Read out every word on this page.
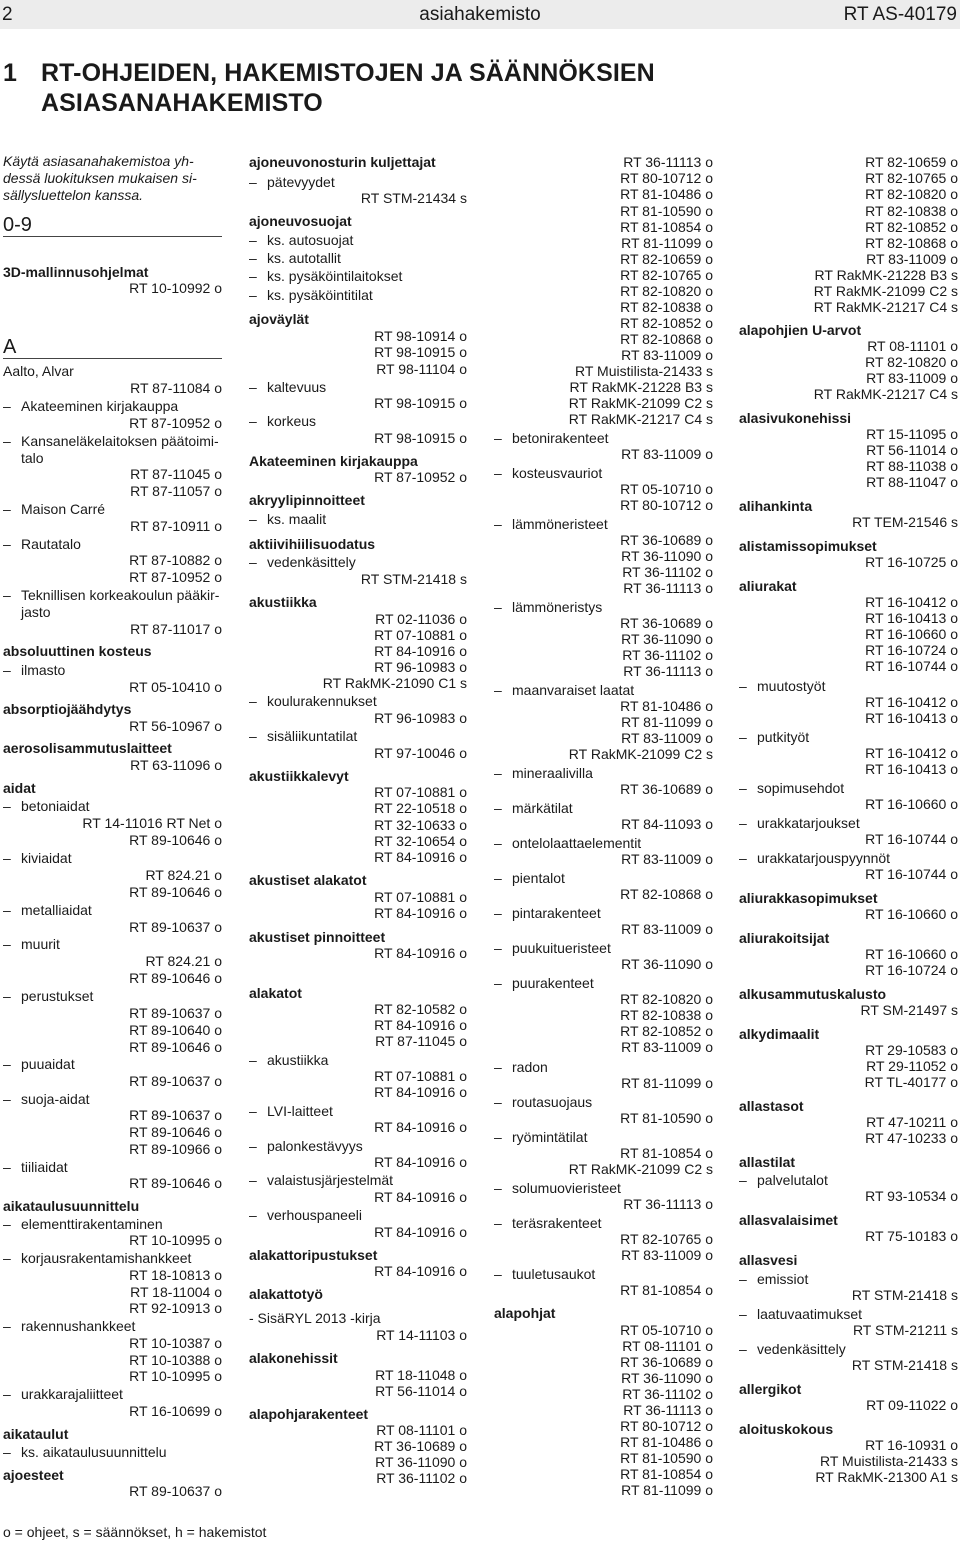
2	asiahakemisto	RT AS-40179
1 RT-OHJEIDEN, HAKEMISTOJEN JA SÄÄNNÖKSIEN
ASIASANAHAKEMISTO
Käytä asiasanahakemistoa yh-
dessä luokituksen mukaisen si-
sällysluettelon kanssa.
0-9
3D-mallinnusohjelmat
RT 10-10992 o
A
Aalto, Alvar
RT 87-11084 o
– Akateeminen kirjakauppa
RT 87-10952 o
– Kansaneläkelaitoksen päätoimi-
talo
RT 87-11045 o
RT 87-11057 o
– Maison Carré
RT 87-10911 o
– Rautatalo
RT 87-10882 o
RT 87-10952 o
– Teknillisen korkeakoulun pääkir-
jasto
RT 87-11017 o
absoluuttinen kosteus
– ilmasto
RT 05-10410 o
absorptiojäähdytys
RT 56-10967 o
aerosolisammutuslaitteet
RT 63-11096 o
aidat
– betoniaidat
RT 14-11016 RT Net o
RT 89-10646 o
– kiviaidat
RT 824.21 o
RT 89-10646 o
– metalliaidat
RT 89-10637 o
– muurit
RT 824.21 o
RT 89-10646 o
– perustukset
RT 89-10637 o
RT 89-10640 o
RT 89-10646 o
– puuaidat
RT 89-10637 o
– suoja-aidat
RT 89-10637 o
RT 89-10646 o
RT 89-10966 o
– tiiliaidat
RT 89-10646 o
aikataulusuunnittelu
– elementtirakentaminen
RT 10-10995 o
– korjausrakentamishankkeet
RT 18-10813 o
RT 18-11004 o
RT 92-10913 o
– rakennushankkeet
RT 10-10387 o
RT 10-10388 o
RT 10-10995 o
– urakkarajaliitteet
RT 16-10699 o
aikataulut
– ks. aikataulusuunnittelu
ajoesteet
RT 89-10637 o
ajoneuvonosturin kuljettajat
– pätevyydet
RT STM-21434 s
ajoneuvosuojat
– ks. autosuojat
– ks. autotallit
– ks. pysäköintilaitokset
– ks. pysäköintitilat
ajoväylät
RT 98-10914 o
RT 98-10915 o
RT 98-11104 o
– kaltevuus
RT 98-10915 o
– korkeus
RT 98-10915 o
Akateeminen kirjakauppa
RT 87-10952 o
akryylipinnoitteet
– ks. maalit
aktiivihiilisuodatus
– vedenkäsittely
RT STM-21418 s
akustiikka
RT 02-11036 o
RT 07-10881 o
RT 84-10916 o
RT 96-10983 o
RT RakMK-21090 C1 s
– koulurakennukset
RT 96-10983 o
– sisäliikuntatilat
RT 97-10046 o
akustiikkalevyt
RT 07-10881 o
RT 22-10518 o
RT 32-10633 o
RT 32-10654 o
RT 84-10916 o
akustiset alakatot
RT 07-10881 o
RT 84-10916 o
akustiset pinnoitteet
RT 84-10916 o
alakatot
RT 82-10582 o
RT 84-10916 o
RT 87-11045 o
– akustiikka
RT 07-10881 o
RT 84-10916 o
– LVI-laitteet
RT 84-10916 o
– palonkestävyys
RT 84-10916 o
– valaistusjärjestelmät
RT 84-10916 o
– verhouspaneeli
RT 84-10916 o
alakattoripustukset
RT 84-10916 o
alakattotyö
- SisäRYL 2013 -kirja
RT 14-11103 o
alakonehissit
RT 18-11048 o
RT 56-11014 o
alapohjarakenteet
RT 08-11101 o
RT 36-10689 o
RT 36-11090 o
RT 36-11102 o
RT 36-11113 o
RT 80-10712 o
RT 81-10486 o
RT 81-10590 o
RT 81-10854 o
RT 81-11099 o
RT 82-10659 o
RT 82-10765 o
RT 82-10820 o
RT 82-10838 o
RT 82-10852 o
RT 82-10868 o
RT 83-11009 o
RT Muistilista-21433 s
RT RakMK-21228 B3 s
RT RakMK-21099 C2 s
RT RakMK-21217 C4 s
– betonirakenteet
RT 83-11009 o
– kosteusvauriot
RT 05-10710 o
RT 80-10712 o
– lämmöneristeet
RT 36-10689 o
RT 36-11090 o
RT 36-11102 o
RT 36-11113 o
– lämmöneristys
RT 36-10689 o
RT 36-11090 o
RT 36-11102 o
RT 36-11113 o
– maanvaraiset laatat
RT 81-10486 o
RT 81-11099 o
RT 83-11009 o
RT RakMK-21099 C2 s
– mineraalivilla
RT 36-10689 o
– märkätilat
RT 84-11093 o
– ontelolaattaelementit
RT 83-11009 o
– pientalot
RT 82-10868 o
– pintarakenteet
RT 83-11009 o
– puukuitueristeet
RT 36-11090 o
– puurakenteet
RT 82-10820 o
RT 82-10838 o
RT 82-10852 o
RT 83-11009 o
– radon
RT 81-11099 o
– routasuojaus
RT 81-10590 o
– ryömintätilat
RT 81-10854 o
RT RakMK-21099 C2 s
– solumuovieristeet
RT 36-11113 o
– teräsrakenteet
RT 82-10765 o
RT 83-11009 o
– tuuletusaukot
RT 81-10854 o
alapohjat
RT 05-10710 o
RT 08-11101 o
RT 36-10689 o
RT 36-11090 o
RT 36-11102 o
RT 36-11113 o
RT 80-10712 o
RT 81-10486 o
RT 81-10590 o
RT 81-10854 o
RT 81-11099 o
RT 82-10659 o
RT 82-10765 o
RT 82-10820 o
RT 82-10838 o
RT 82-10852 o
RT 82-10868 o
RT 83-11009 o
RT RakMK-21228 B3 s
RT RakMK-21099 C2 s
RT RakMK-21217 C4 s
alapohjien U-arvot
RT 08-11101 o
RT 82-10820 o
RT 83-11009 o
RT RakMK-21217 C4 s
alasivukonehissi
RT 15-11095 o
RT 56-11014 o
RT 88-11038 o
RT 88-11047 o
alihankinta
RT TEM-21546 s
alistamissopimukset
RT 16-10725 o
aliurakat
RT 16-10412 o
RT 16-10413 o
RT 16-10660 o
RT 16-10724 o
RT 16-10744 o
– muutostyöt
RT 16-10412 o
RT 16-10413 o
– putkityöt
RT 16-10412 o
RT 16-10413 o
– sopimusehdot
RT 16-10660 o
– urakkatarjoukset
RT 16-10744 o
– urakkatarjouspyynnöt
RT 16-10744 o
aliurakkasopimukset
RT 16-10660 o
aliurakoitsijat
RT 16-10660 o
RT 16-10724 o
alkusammutuskalusto
RT SM-21497 s
alkydimaalit
RT 29-10583 o
RT 29-11052 o
RT TL-40177 o
allastasot
RT 47-10211 o
RT 47-10233 o
allastilat
– palvelutalot
RT 93-10534 o
allasvalaisimet
RT 75-10183 o
allasvesi
– emissiot
RT STM-21418 s
– laatuvaatimukset
RT STM-21211 s
– vedenkäsittely
RT STM-21418 s
allergikot
RT 09-11022 o
aloituskokous
RT 16-10931 o
RT Muistilista-21433 s
RT RakMK-21300 A1 s
o = ohjeet, s = säännökset, h = hakemistot
